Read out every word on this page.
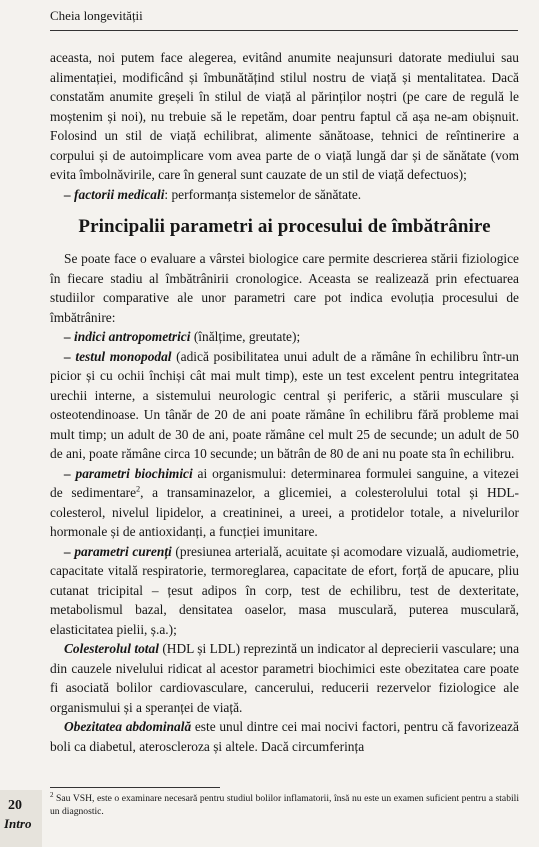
Cheia longevității

aceasta, noi putem face alegerea, evitând anumite neajunsuri datorate mediului sau alimentației, modificând și îmbunătățind stilul nostru de viață și mentalitatea. Dacă constatăm anumite greșeli în stilul de viață al părinților noștri (pe care de regulă le moștenim și noi), nu trebuie să le repetăm, doar pentru faptul că așa ne-am obișnuit. Folosind un stil de viață echilibrat, alimente sănătoase, tehnici de reîntinerire a corpului și de autoimplicare vom avea parte de o viață lungă dar și de sănătate (vom evita îmbolnăvirile, care în general sunt cauzate de un stil de viață defectuos);

– factorii medicali: performanța sistemelor de sănătate.

Principalii parametri ai procesului de îmbătrânire

Se poate face o evaluare a vârstei biologice care permite descrierea stării fiziologice în fiecare stadiu al îmbătrânirii cronologice. Aceasta se realizează prin efectuarea studiilor comparative ale unor parametri care pot indica evoluția procesului de îmbătrânire:

– indici antropometrici (înălțime, greutate);

– testul monopodal (adică posibilitatea unui adult de a rămâne în echilibru într-un picior și cu ochii închiși cât mai mult timp), este un test excelent pentru integritatea urechii interne, a sistemului neurologic central și periferic, a stării musculare și osteotendinoase. Un tânăr de 20 de ani poate rămâne în echilibru fără probleme mai mult timp; un adult de 30 de ani, poate rămâne cel mult 25 de secunde; un adult de 50 de ani, poate rămâne circa 10 secunde; un bătrân de 80 de ani nu poate sta în echilibru.

– parametri biochimici ai organismului: determinarea formulei sanguine, a vitezei de sedimentare$^2$, a transaminazelor, a glicemiei, a colesterolului total și HDL-colesterol, nivelul lipidelor, a creatininei, a ureei, a protidelor totale, a nivelurilor hormonale și de antioxidanți, a funcției imunitare.

– parametri curenți (presiunea arterială, acuitate și acomodare vizuală, audiometrie, capacitate vitală respiratorie, termoreglarea, capacitate de efort, forță de apucare, pliu cutanat tricipital – țesut adipos în corp, test de echilibru, test de dexteritate, metabolismul bazal, densitatea oaselor, masa musculară, puterea musculară, elasticitatea pielii, ș.a.);

Colesterolul total (HDL și LDL) reprezintă un indicator al deprecierii vasculare; una din cauzele nivelului ridicat al acestor parametri biochimici este obezitatea care poate fi asociată bolilor cardiovasculare, cancerului, reducerii rezervelor fiziologice ale organismului și a speranței de viață.

Obezitatea abdominală este unul dintre cei mai nocivi factori, pentru că favorizează boli ca diabetul, ateroscleroza și altele. Dacă circumferința

$^2$ Sau VSH, este o examinare necesară pentru studiul bolilor inflamatorii, însă nu este un examen suficient pentru a stabili un diagnostic.
20
Intro
